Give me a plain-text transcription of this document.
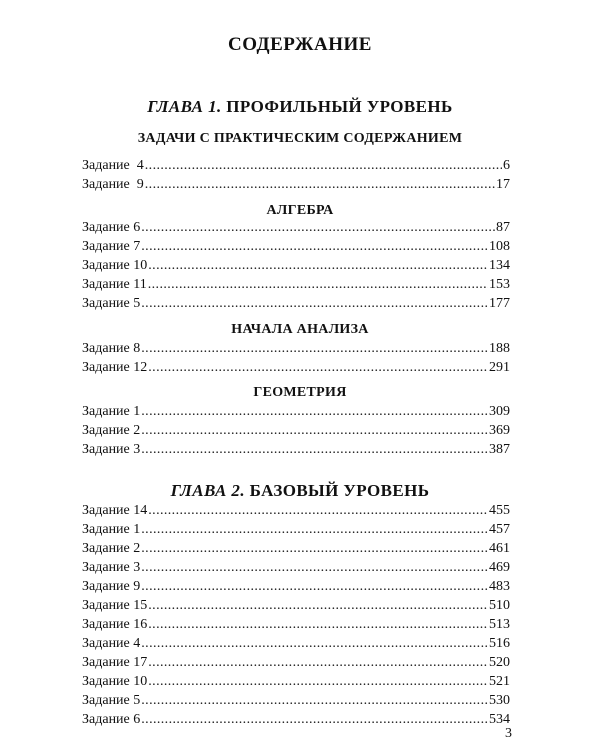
СОДЕРЖАНИЕ
ГЛАВА 1. ПРОФИЛЬНЫЙ УРОВЕНЬ
ЗАДАЧИ С ПРАКТИЧЕСКИМ СОДЕРЖАНИЕМ
Задание  4 .....	6
Задание  9 .....	17
АЛГЕБРА
Задание 6 .....	87
Задание 7 .....	108
Задание 10 .....	134
Задание 11 .....	153
Задание 5 .....	177
НАЧАЛА АНАЛИЗА
Задание 8 .....	188
Задание 12 .....	291
ГЕОМЕТРИЯ
Задание 1 .....	309
Задание 2 .....	369
Задание 3 .....	387
ГЛАВА 2. БАЗОВЫЙ УРОВЕНЬ
Задание 14 .....	455
Задание 1 .....	457
Задание 2 .....	461
Задание 3 .....	469
Задание 9 .....	483
Задание 15 .....	510
Задание 16 .....	513
Задание 4 .....	516
Задание 17 .....	520
Задание 10 .....	521
Задание 5 .....	530
Задание 6 .....	534
3
